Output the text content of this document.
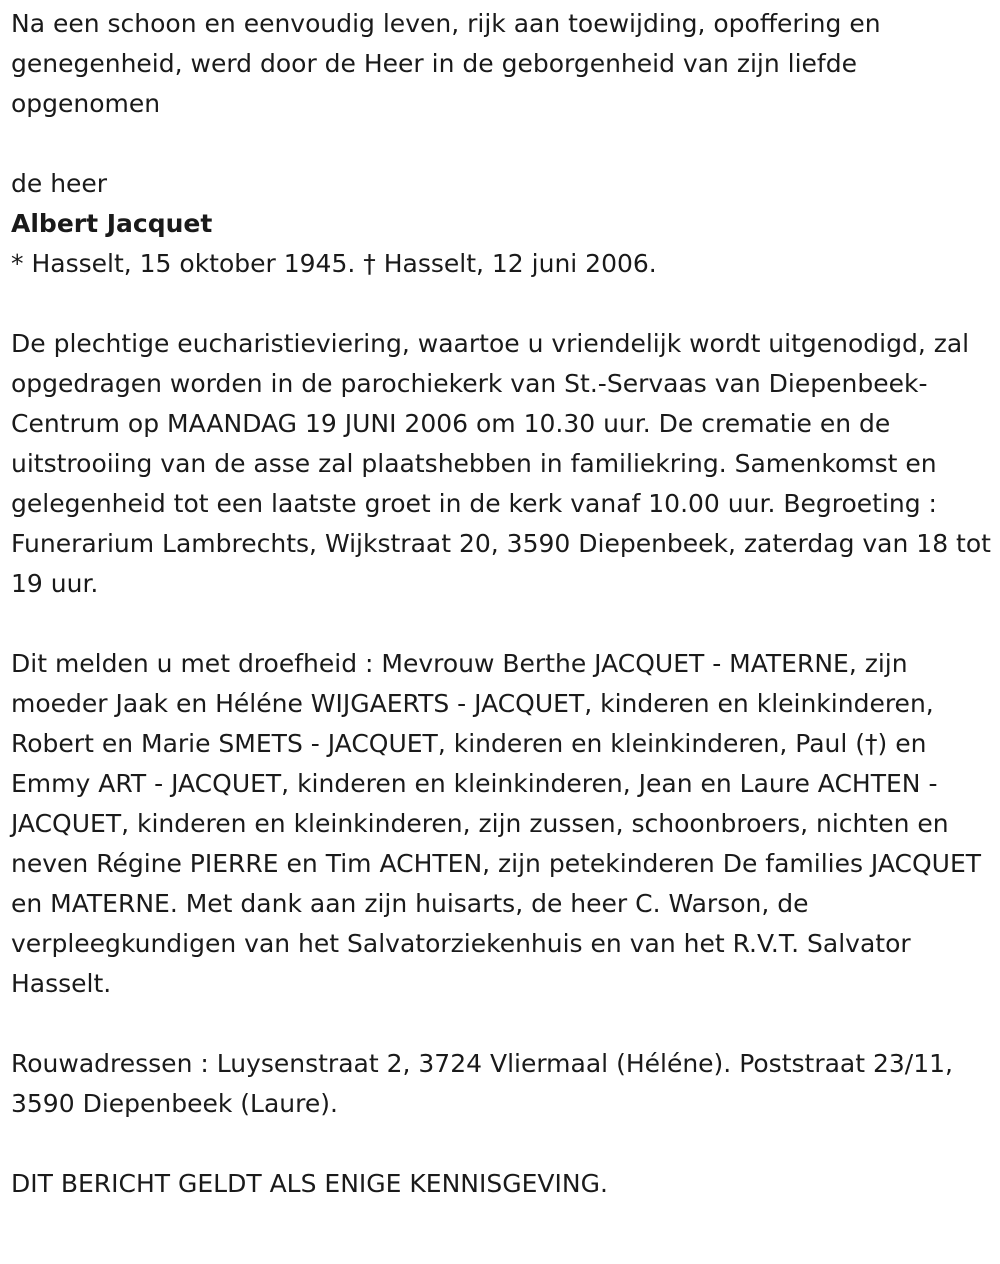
Na een schoon en eenvoudig leven, rijk aan toewijding, opoffering en genegenheid, werd door de Heer in de geborgenheid van zijn liefde opgenomen

de heer

Albert Jacquet

* Hasselt, 15 oktober 1945. † Hasselt, 12 juni 2006.

De plechtige eucharistieviering, waartoe u vriendelijk wordt uitgenodigd, zal opgedragen worden in de parochiekerk van St.-Servaas van Diepenbeek-Centrum op MAANDAG 19 JUNI 2006 om 10.30 uur. De crematie en de uitstrooiing van de asse zal plaatshebben in familiekring. Samenkomst en gelegenheid tot een laatste groet in de kerk vanaf 10.00 uur. Begroeting : Funerarium Lambrechts, Wijkstraat 20, 3590 Diepenbeek, zaterdag van 18 tot 19 uur.

Dit melden u met droefheid : Mevrouw Berthe JACQUET - MATERNE, zijn moeder Jaak en Héléne WIJGAERTS - JACQUET, kinderen en kleinkinderen, Robert en Marie SMETS - JACQUET, kinderen en kleinkinderen, Paul (†) en Emmy ART - JACQUET, kinderen en kleinkinderen, Jean en Laure ACHTEN - JACQUET, kinderen en kleinkinderen, zijn zussen, schoonbroers, nichten en neven Régine PIERRE en Tim ACHTEN, zijn petekinderen De families JACQUET en MATERNE. Met dank aan zijn huisarts, de heer C. Warson, de verpleegkundigen van het Salvatorziekenhuis en van het R.V.T. Salvator Hasselt.

Rouwadressen : Luysenstraat 2, 3724 Vliermaal (Héléne). Poststraat 23/11, 3590 Diepenbeek (Laure).

DIT BERICHT GELDT ALS ENIGE KENNISGEVING.
